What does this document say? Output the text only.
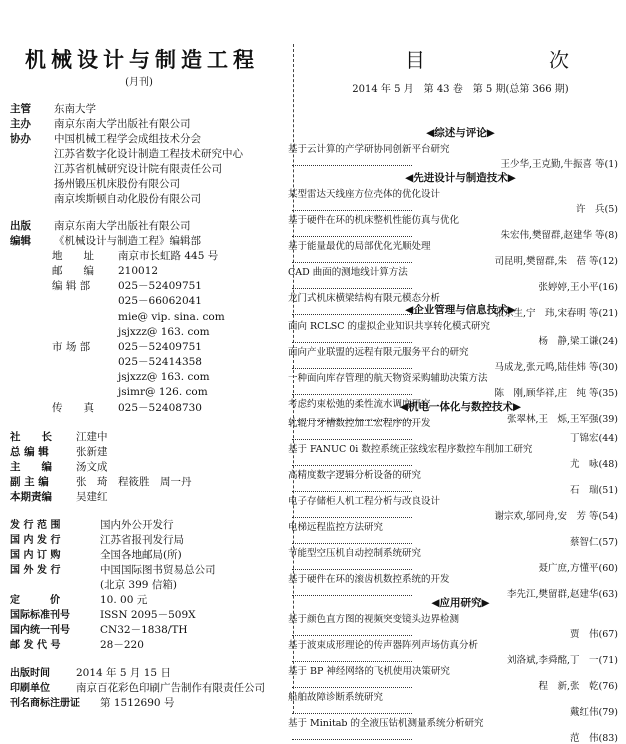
机械设计与制造工程
(月刊)
主管 东南大学
主办 南京东南大学出版社有限公司
协办 中国机械工程学会成组技术分会
江苏省数字化设计制造工程技术研究中心
江苏省机械研究设计院有限责任公司
扬州锻压机床股份有限公司
南京埃斯顿自动化股份有限公司
出版 南京东南大学出版社有限公司
编辑 《机械设计与制造工程》编辑部
地　　址 南京市长虹路 445 号
邮　　编 210012
编 辑 部	025－52409751
025－66062041
mie@ vip. sina. com
jsjxzz@ 163. com
市 场 部	025－52409751
025－52414358
jsjxzz@ 163. com
jsimr@ 126. com
传　　真 025－52408730
社　　长 江建中
总 编 辑	张新建
主　　编 汤文成
副 主 编	张　琦　程筱胜　周一丹
本期责编 吴建红
发 行 范 围	国内外公开发行
国 内 发 行	江苏省报刊发行局
国 内 订 购	全国各地邮局(所)
国 外 发 行	中国国际图书贸易总公司
(北京 399 信箱)
定　　　价	10. 00 元
国际标准刊号	ISSN 2095－509X
国内统一刊号	CN32－1838/TH
邮 发 代 号	28－220
出版时间 2014 年 5 月 15 日
印刷单位 南京百花彩色印刷广告制作有限责任公司
刊名商标注册证 第 1512690 号
目　次
2014 年 5 月　第 43 卷　第 5 期(总第 366 期)
◀综述与评论▶
基于云计算的产学研协同创新平台研究
王少华,王克勤,牛振喜 等(1)
◀先进设计与制造技术▶
某型雷达天线座方位壳体的优化设计
许　兵(5)
基于硬件在环的机床整机性能仿真与优化
朱宏伟,樊留群,赵建华 等(8)
基于能量最优的局部优化光顺处理
司昆明,樊留群,朱　蓓 等(12)
CAD 曲面的测地线计算方法
张婷婷,王小平(16)
龙门式机床横梁结构有限元模态分析
张东生,宁　玮,宋春明 等(21)
◀企业管理与信息技术▶
面向 RCLSC 的虚拟企业知识共享转化模式研究
杨　静,梁工谦(24)
面向产业联盟的远程有限元服务平台的研究
马成龙,张元鸣,陆佳炜 等(30)
一种面向库存管理的航天物资采购辅助决策方法
陈　刚,顾华祥,庄　纯 等(35)
考虑约束松弛的柔性流水调度研究
张翠林,王　烁,王军强(39)
◀机电一体化与数控技术▶
轧辊月牙槽数控加工宏程序的开发
丁锦宏(44)
基于 FANUC 0i 数控系统正弦线宏程序数控车削加工研究
尤　咏(48)
高精度数字逻辑分析设备的研究
石　瑞(51)
电子存储柜人机工程分析与改良设计
谢宗欢,邬同舟,安　芳 等(54)
电梯远程监控方法研究
蔡智仁(57)
节能型空压机自动控制系统研究
聂广庶,方懂平(60)
基于硬件在环的滚齿机数控系统的开发
李先江,樊留群,赵建华(63)
◀应用研究▶
基于颜色直方图的视频突变镜头边界检测
贾　伟(67)
基于波束成形理论的传声器阵列声场仿真分析
刘洛斌,李舜酩,丁　一(71)
基于 BP 神经网络的飞机使用决策研究
程　新,张　乾(76)
船舶故障诊断系统研究
戴红伟(79)
基于 Minitab 的全液压钻机测量系统分析研究
范　伟(83)
